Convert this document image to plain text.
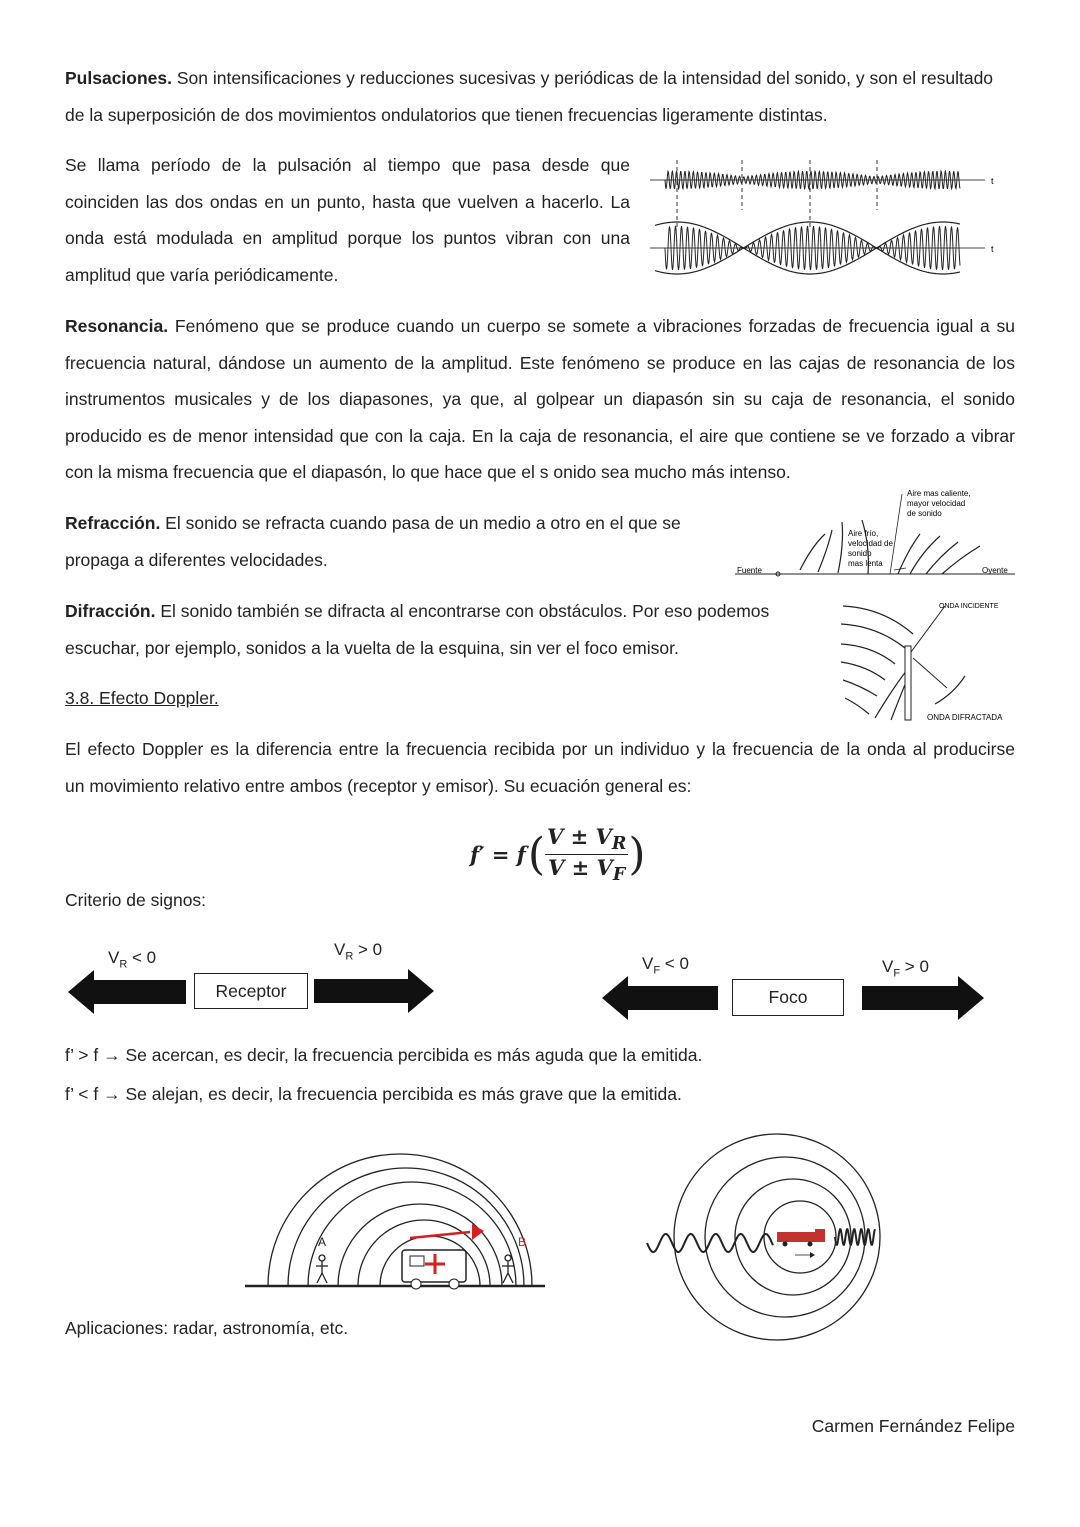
Pulsaciones. Son intensificaciones y reducciones sucesivas y periódicas de la intensidad del sonido, y son el resultado
de la superposición de dos movimientos ondulatorios que tienen frecuencias ligeramente distintas.
Se llama período de la pulsación al tiempo que pasa desde que
coinciden las dos ondas en un punto, hasta que vuelven a hacerlo. La
onda está modulada en amplitud porque los puntos vibran con una
amplitud que varía periódicamente.
t
t
Resonancia. Fenómeno que se produce cuando un cuerpo se somete a vibraciones forzadas de frecuencia igual a su
frecuencia natural, dándose un aumento de la amplitud. Este fenómeno se produce en las cajas de resonancia de los
instrumentos musicales y de los diapasones, ya que, al golpear un diapasón sin su caja de resonancia, el sonido
producido es de menor intensidad que con la caja. En la caja de resonancia, el aire que contiene se ve forzado a vibrar
con la misma frecuencia que el diapasón, lo que hace que el s onido sea mucho más intenso.
Refracción. El sonido se refracta cuando pasa de un medio a otro en el que se
propaga a diferentes velocidades.
Fuente
Aire frío,
velocidad de
sonido
mas lenta
Aire mas caliente,
mayor velocidad
de sonido
Oyente
Difracción. El sonido también se difracta al encontrarse con obstáculos. Por eso podemos
escuchar, por ejemplo, sonidos a la vuelta de la esquina, sin ver el foco emisor.
ONDA INCIDENTE
ONDA DIFRACTADA
3.8. Efecto Doppler.
El efecto Doppler es la diferencia entre la frecuencia recibida por un individuo y la frecuencia de la onda al producirse
un movimiento relativo entre ambos (receptor y emisor). Su ecuación general es:
f′ = f ( $V \pm V_R$
$V \pm V_F$ )
Criterio de signos:
$V_R < 0$
Receptor
$V_R > 0$
$V_F < 0$
Foco
$V_F > 0$
f’ > f → Se acercan, es decir, la frecuencia percibida es más aguda que la emitida.
f’ < f → Se alejan, es decir, la frecuencia percibida es más grave que la emitida.
A	B
Aplicaciones: radar, astronomía, etc.
Carmen Fernández Felipe
